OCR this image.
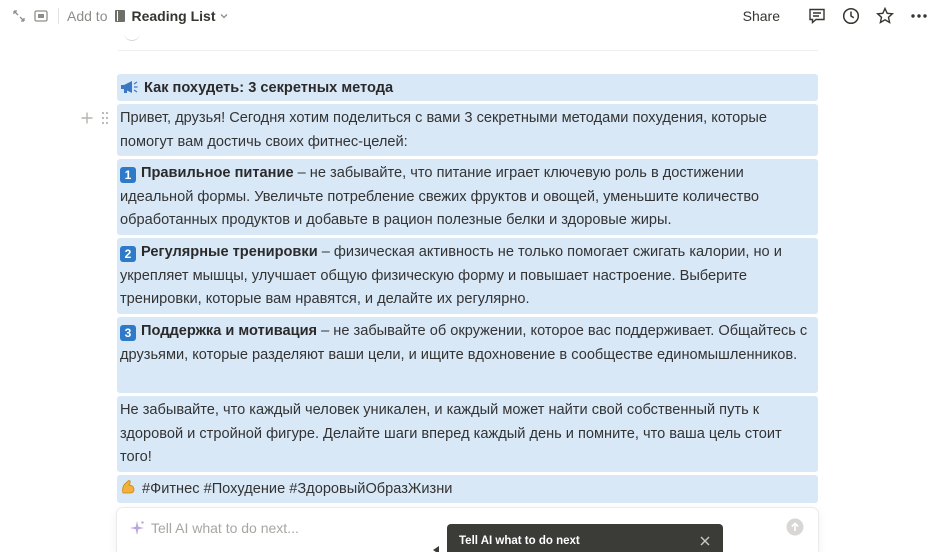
Add to Reading List	Share
Как похудеть: 3 секретных метода
Привет, друзья! Сегодня хотим поделиться с вами 3 секретными методами похудения, которые помогут вам достичь своих фитнес-целей:
1 Правильное питание – не забывайте, что питание играет ключевую роль в достижении идеальной формы. Увеличьте потребление свежих фруктов и овощей, уменьшите количество обработанных продуктов и добавьте в рацион полезные белки и здоровые жиры.
2 Регулярные тренировки – физическая активность не только помогает сжигать калории, но и укрепляет мышцы, улучшает общую физическую форму и повышает настроение. Выберите тренировки, которые вам нравятся, и делайте их регулярно.
3 Поддержка и мотивация – не забывайте об окружении, которое вас поддерживает. Общайтесь с друзьями, которые разделяют ваши цели, и ищите вдохновение в сообществе единомышленников.
Не забывайте, что каждый человек уникален, и каждый может найти свой собственный путь к здоровой и стройной фигуре. Делайте шаги вперед каждый день и помните, что ваша цель стоит того!
#Фитнес #Похудение #ЗдоровыйОбразЖизни
Tell AI what to do next...
Tell AI what to do next
